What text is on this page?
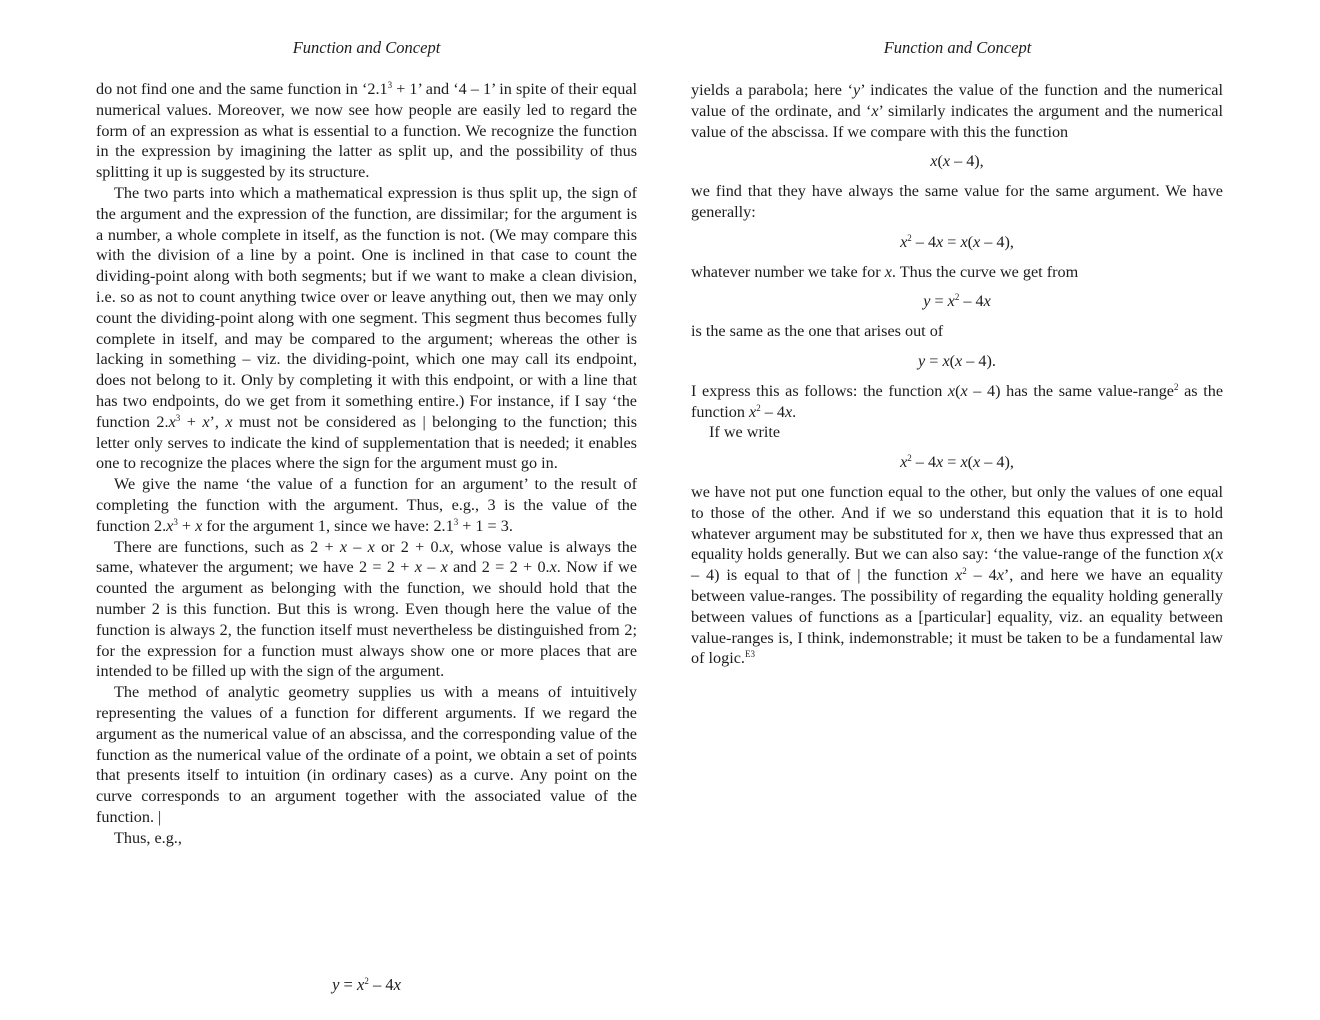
Function and Concept

do not find one and the same function in ‘$2.1^3 + 1$’ and ‘4 – 1’ in spite of their equal numerical values. Moreover, we now see how people are easily led to regard the form of an expression as what is essential to a function. We recognize the function in the expression by imagining the latter as split up, and the possibility of thus splitting it up is suggested by its structure.

The two parts into which a mathematical expression is thus split up, the sign of the argument and the expression of the function, are dissimilar; for the argument is a number, a whole complete in itself, as the function is not. (We may compare this with the division of a line by a point. One is inclined in that case to count the dividing-point along with both segments; but if we want to make a clean division, i.e. so as not to count anything twice over or leave anything out, then we may only count the dividing-point along with one segment. This segment thus becomes fully complete in itself, and may be compared to the argument; whereas the other is lacking in something – viz. the dividing-point, which one may call its endpoint, does not belong to it. Only by completing it with this endpoint, or with a line that has two endpoints, do we get from it something entire.) For instance, if I say ‘the function $2.x^3 + x$’, x must not be considered as | belonging to the function; this letter only serves to indicate the kind of supplementation that is needed; it enables one to recognize the places where the sign for the argument must go in.

We give the name ‘the value of a function for an argument’ to the result of completing the function with the argument. Thus, e.g., 3 is the value of the function $2.x^3 + x$ for the argument 1, since we have: $2.1^3 + 1 = 3$.

There are functions, such as 2 + x – x or 2 + 0.x, whose value is always the same, whatever the argument; we have 2 = 2 + x – x and 2 = 2 + 0.x. Now if we counted the argument as belonging with the function, we should hold that the number 2 is this function. But this is wrong. Even though here the value of the function is always 2, the function itself must nevertheless be distinguished from 2; for the expression for a function must always show one or more places that are intended to be filled up with the sign of the argument.

The method of analytic geometry supplies us with a means of intuitively representing the values of a function for different arguments. If we regard the argument as the numerical value of an abscissa, and the corresponding value of the function as the numerical value of the ordinate of a point, we obtain a set of points that presents itself to intuition (in ordinary cases) as a curve. Any point on the curve corresponds to an argument together with the associated value of the function. |

Thus, e.g.,

$y = x^2 - 4x$
Function and Concept

yields a parabola; here ‘y’ indicates the value of the function and the numerical value of the ordinate, and ‘x’ similarly indicates the argument and the numerical value of the abscissa. If we compare with this the function

x(x – 4),

we find that they have always the same value for the same argument. We have generally:

$x^2 - 4x = x(x - 4)$,

whatever number we take for x. Thus the curve we get from

$y = x^2 - 4x$

is the same as the one that arises out of

y = x(x – 4).

I express this as follows: the function x(x – 4) has the same value-range$^2$ as the function $x^2 - 4x$.

If we write

$x^2 - 4x = x(x - 4)$,

we have not put one function equal to the other, but only the values of one equal to those of the other. And if we so understand this equation that it is to hold whatever argument may be substituted for x, then we have thus expressed that an equality holds generally. But we can also say: ‘the value-range of the function x(x – 4) is equal to that of | the function $x^2 - 4x$’, and here we have an equality between value-ranges. The possibility of regarding the equality holding generally between values of functions as a [particular] equality, viz. an equality between value-ranges is, I think, indemonstrable; it must be taken to be a fundamental law of logic.$^{E3}$
